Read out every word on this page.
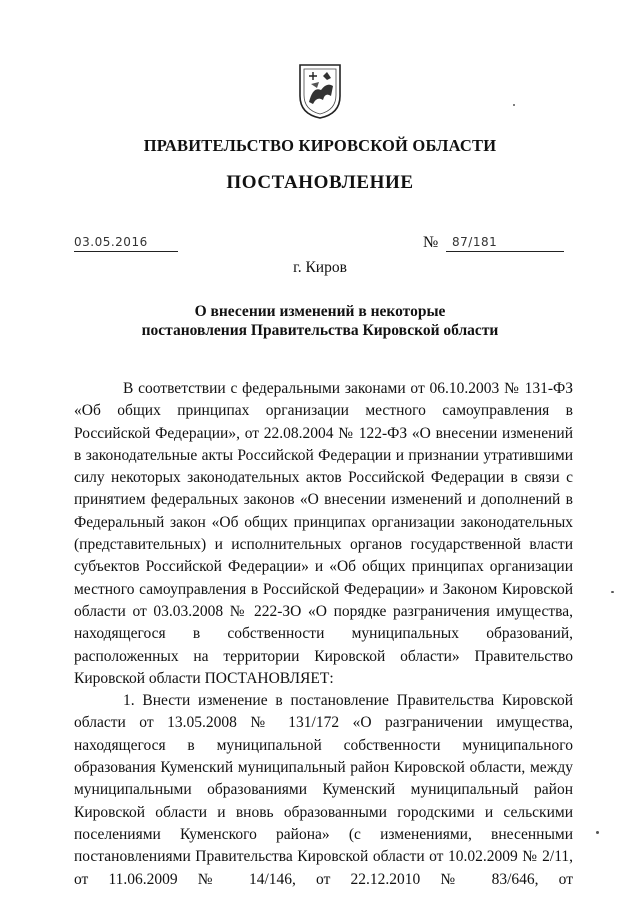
ПРАВИТЕЛЬСТВО КИРОВСКОЙ ОБЛАСТИ
ПОСТАНОВЛЕНИЕ
03.05.2016	№ 87/181
г. Киров
О внесении изменений в некоторые
постановления Правительства Кировской области

В соответствии с федеральными законами от 06.10.2003 № 131-ФЗ «Об общих принципах организации местного самоуправления в Российской Федерации», от 22.08.2004 № 122-ФЗ «О внесении изменений в законодательные акты Российской Федерации и признании утратившими силу некоторых законодательных актов Российской Федерации в связи с принятием федеральных законов «О внесении изменений и дополнений в Федеральный закон «Об общих принципах организации законодательных (представительных) и исполнительных органов государственной власти субъектов Российской Федерации» и «Об общих принципах организации местного самоуправления в Российской Федерации» и Законом Кировской области от 03.03.2008 № 222-ЗО «О порядке разграничения имущества, находящегося в собственности муниципальных образований, расположенных на территории Кировской области» Правительство Кировской области ПОСТАНОВЛЯЕТ:

1. Внести изменение в постановление Правительства Кировской области от 13.05.2008 № 131/172 «О разграничении имущества, находящегося в муниципальной собственности муниципального образования Куменский муниципальный район Кировской области, между муниципальными образованиями Куменский муниципальный район Кировской области и вновь образованными городскими и сельскими поселениями Куменского района» (с изменениями, внесенными постановлениями Правительства Кировской области от 10.02.2009 № 2/11, от 11.06.2009 № 14/146, от 22.12.2010 № 83/646, от
